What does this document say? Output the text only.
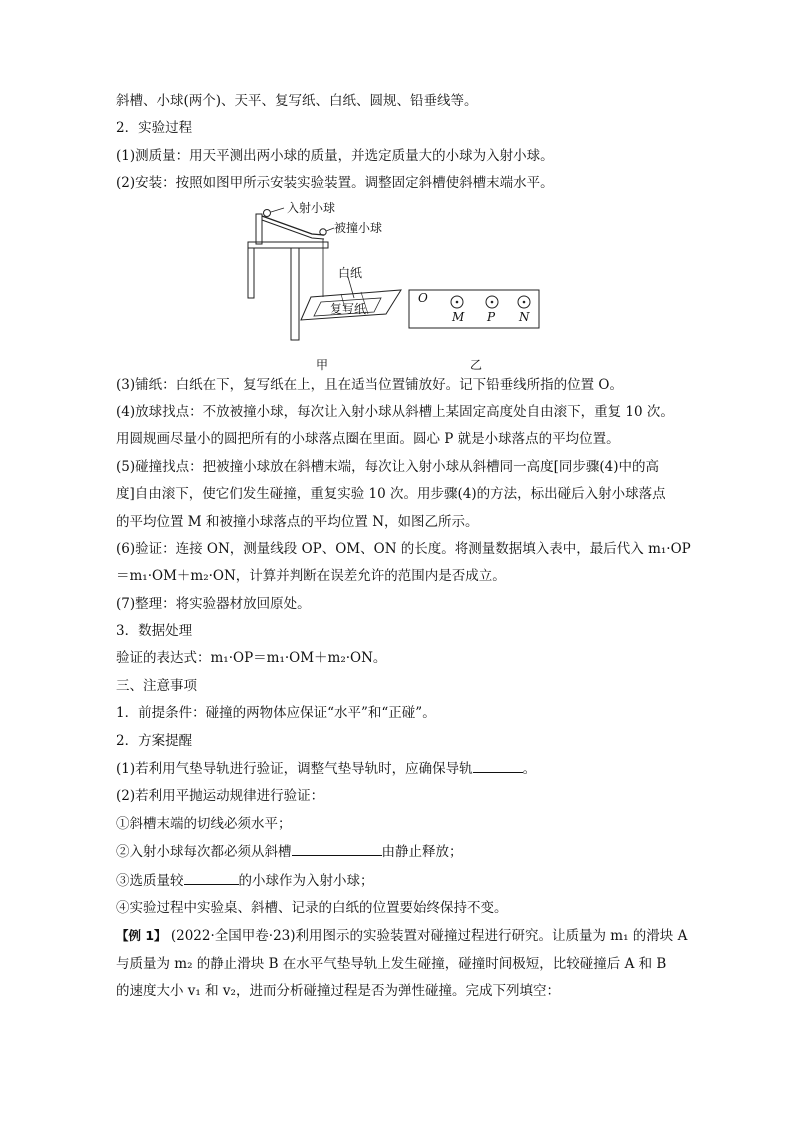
斜槽、小球(两个)、天平、复写纸、白纸、圆规、铅垂线等。
2．实验过程
(1)测质量：用天平测出两小球的质量，并选定质量大的小球为入射小球。
(2)安装：按照如图甲所示安装实验装置。调整固定斜槽使斜槽末端水平。
入射小球
被撞小球
白纸
复写纸
O
M P N
甲	乙
(3)铺纸：白纸在下，复写纸在上，且在适当位置铺放好。记下铅垂线所指的位置 O。
(4)放球找点：不放被撞小球，每次让入射小球从斜槽上某固定高度处自由滚下，重复 10 次。
用圆规画尽量小的圆把所有的小球落点圈在里面。圆心 P 就是小球落点的平均位置。
(5)碰撞找点：把被撞小球放在斜槽末端，每次让入射小球从斜槽同一高度[同步骤(4)中的高
度]自由滚下，使它们发生碰撞，重复实验 10 次。用步骤(4)的方法，标出碰后入射小球落点
的平均位置 M 和被撞小球落点的平均位置 N，如图乙所示。
(6)验证：连接 ON，测量线段 OP、OM、ON 的长度。将测量数据填入表中，最后代入 m₁·OP
＝m₁·OM＋m₂·ON，计算并判断在误差允许的范围内是否成立。
(7)整理：将实验器材放回原处。
3．数据处理
验证的表达式：m₁·OP＝m₁·OM＋m₂·ON。
三、注意事项
1．前提条件：碰撞的两物体应保证“水平”和“正碰”。
2．方案提醒
(1)若利用气垫导轨进行验证，调整气垫导轨时，应确保导轨	。
(2)若利用平抛运动规律进行验证：
①斜槽末端的切线必须水平；
②入射小球每次都必须从斜槽	由静止释放；
③选质量较	的小球作为入射小球；
④实验过程中实验桌、斜槽、记录的白纸的位置要始终保持不变。
【例 1】 (2022·全国甲卷·23)利用图示的实验装置对碰撞过程进行研究。让质量为 m₁ 的滑块 A
与质量为 m₂ 的静止滑块 B 在水平气垫导轨上发生碰撞，碰撞时间极短，比较碰撞后 A 和 B
的速度大小 v₁ 和 v₂，进而分析碰撞过程是否为弹性碰撞。完成下列填空：
